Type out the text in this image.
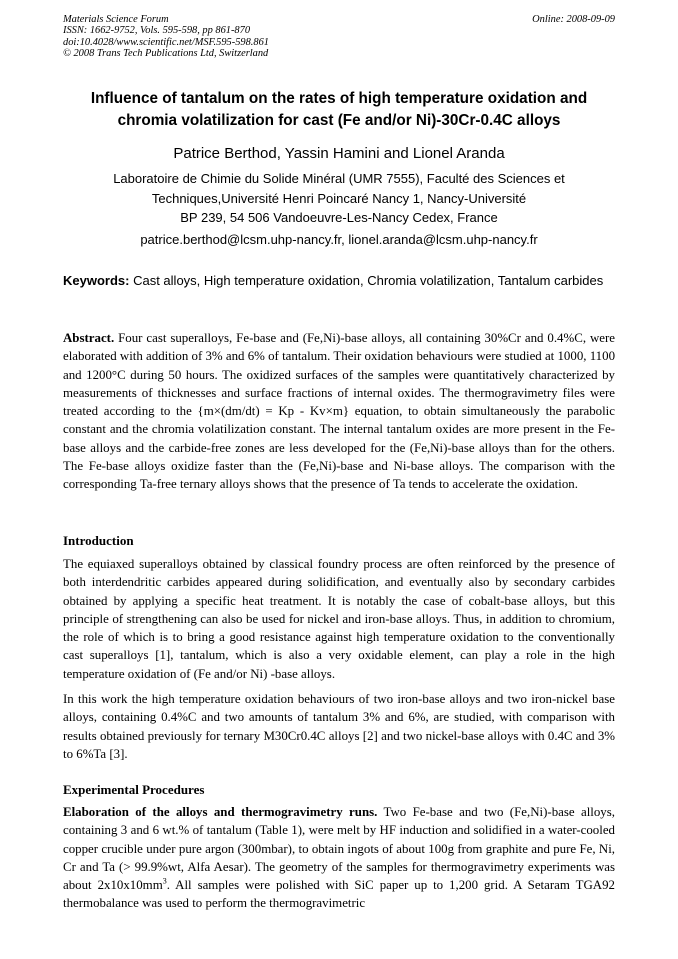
Materials Science Forum
ISSN: 1662-9752, Vols. 595-598, pp 861-870
doi:10.4028/www.scientific.net/MSF.595-598.861
© 2008 Trans Tech Publications Ltd, Switzerland
Online: 2008-09-09
Influence of tantalum on the rates of high temperature oxidation and
chromia volatilization for cast (Fe and/or Ni)-30Cr-0.4C alloys
Patrice Berthod, Yassin Hamini and Lionel Aranda
Laboratoire de Chimie du Solide Minéral (UMR 7555), Faculté des Sciences et
Techniques,Université Henri Poincaré Nancy 1, Nancy-Université
BP 239, 54 506 Vandoeuvre-Les-Nancy Cedex, France
patrice.berthod@lcsm.uhp-nancy.fr, lionel.aranda@lcsm.uhp-nancy.fr
Keywords: Cast alloys, High temperature oxidation, Chromia volatilization, Tantalum carbides
Abstract. Four cast superalloys, Fe-base and (Fe,Ni)-base alloys, all containing 30%Cr and 0.4%C, were elaborated with addition of 3% and 6% of tantalum. Their oxidation behaviours were studied at 1000, 1100 and 1200°C during 50 hours. The oxidized surfaces of the samples were quantitatively characterized by measurements of thicknesses and surface fractions of internal oxides. The thermogravimetry files were treated according to the {m×(dm/dt) = Kp - Kv×m} equation, to obtain simultaneously the parabolic constant and the chromia volatilization constant. The internal tantalum oxides are more present in the Fe-base alloys and the carbide-free zones are less developed for the (Fe,Ni)-base alloys than for the others. The Fe-base alloys oxidize faster than the (Fe,Ni)-base and Ni-base alloys. The comparison with the corresponding Ta-free ternary alloys shows that the presence of Ta tends to accelerate the oxidation.
Introduction
The equiaxed superalloys obtained by classical foundry process are often reinforced by the presence of both interdendritic carbides appeared during solidification, and eventually also by secondary carbides obtained by applying a specific heat treatment. It is notably the case of cobalt-base alloys, but this principle of strengthening can also be used for nickel and iron-base alloys. Thus, in addition to chromium, the role of which is to bring a good resistance against high temperature oxidation to the conventionally cast superalloys [1], tantalum, which is also a very oxidable element, can play a role in the high temperature oxidation of (Fe and/or Ni) -base alloys.
In this work the high temperature oxidation behaviours of two iron-base alloys and two iron-nickel base alloys, containing 0.4%C and two amounts of tantalum 3% and 6%, are studied, with comparison with results obtained previously for ternary M30Cr0.4C alloys [2] and two nickel-base alloys with 0.4C and 3% to 6%Ta [3].
Experimental Procedures
Elaboration of the alloys and thermogravimetry runs. Two Fe-base and two (Fe,Ni)-base alloys, containing 3 and 6 wt.% of tantalum (Table 1), were melt by HF induction and solidified in a water-cooled copper crucible under pure argon (300mbar), to obtain ingots of about 100g from graphite and pure Fe, Ni, Cr and Ta (> 99.9%wt, Alfa Aesar). The geometry of the samples for thermogravimetry experiments was about $2x10x10mm^3$. All samples were polished with SiC paper up to 1,200 grid. A Setaram TGA92 thermobalance was used to perform the thermogravimetric
